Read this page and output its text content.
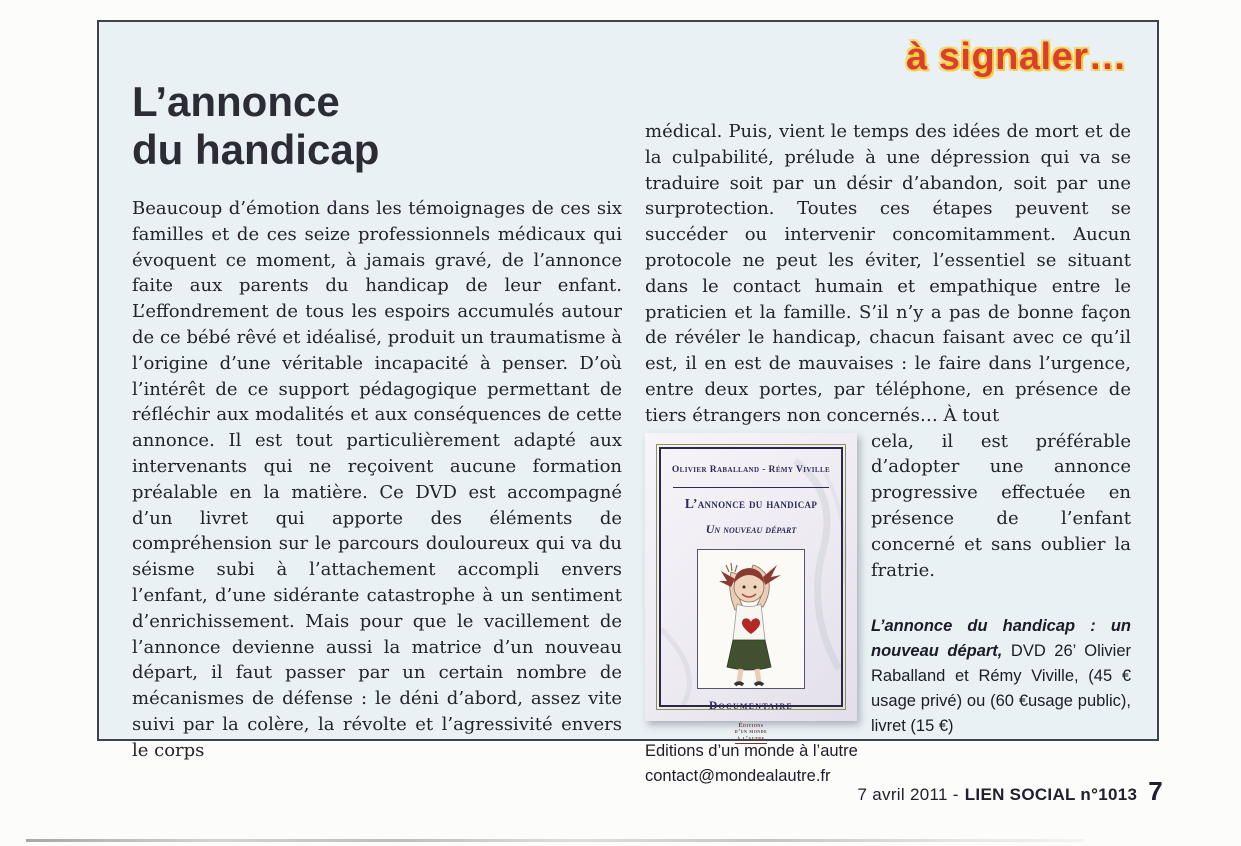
à signaler…
L’annonce
du handicap

Beaucoup d’émotion dans les témoignages de ces six familles et de ces seize professionnels médicaux qui évoquent ce moment, à jamais gravé, de l’annonce faite aux parents du handicap de leur enfant. L’effondrement de tous les espoirs accumulés autour de ce bébé rêvé et idéalisé, produit un traumatisme à l’origine d’une véritable incapacité à penser. D’où l’intérêt de ce support pédagogique permettant de réfléchir aux modalités et aux conséquences de cette annonce. Il est tout particulièrement adapté aux intervenants qui ne reçoivent aucune formation préalable en la matière. Ce DVD est accompagné d’un livret qui apporte des éléments de compréhension sur le parcours douloureux qui va du séisme subi à l’attachement accompli envers l’enfant, d’une sidérante catastrophe à un sentiment d’enrichissement. Mais pour que le vacillement de l’annonce devienne aussi la matrice d’un nouveau départ, il faut passer par un certain nombre de mécanismes de défense : le déni d’abord, assez vite suivi par la colère, la révolte et l’agressivité envers le corps

médical. Puis, vient le temps des idées de mort et de la culpabilité, prélude à une dépression qui va se traduire soit par un désir d’abandon, soit par une surprotection. Toutes ces étapes peuvent se succéder ou intervenir concomitamment. Aucun protocole ne peut les éviter, l’essentiel se situant dans le contact humain et empathique entre le praticien et la famille. S’il n’y a pas de bonne façon de révéler le handicap, chacun faisant avec ce qu’il est, il en est de mauvaises : le faire dans l’urgence, entre deux portes, par téléphone, en présence de tiers étrangers non concernés… À tout

Olivier Raballand - Rémy Viville
L’annonce du handicap
Un nouveau départ
Documentaire
Éditions
d’un monde
à l’autre

cela, il est préférable d’adopter une annonce progressive effectuée en présence de l’enfant concerné et sans oublier la fratrie.

L’annonce du handicap : un nouveau départ, DVD 26’ Olivier Raballand et Rémy Viville, (45 € usage privé) ou (60 €usage public), livret (15 €)

Editions d’un monde à l’autre
contact@mondealautre.fr
7 avril 2011 - LIEN SOCIAL n°1013 7
